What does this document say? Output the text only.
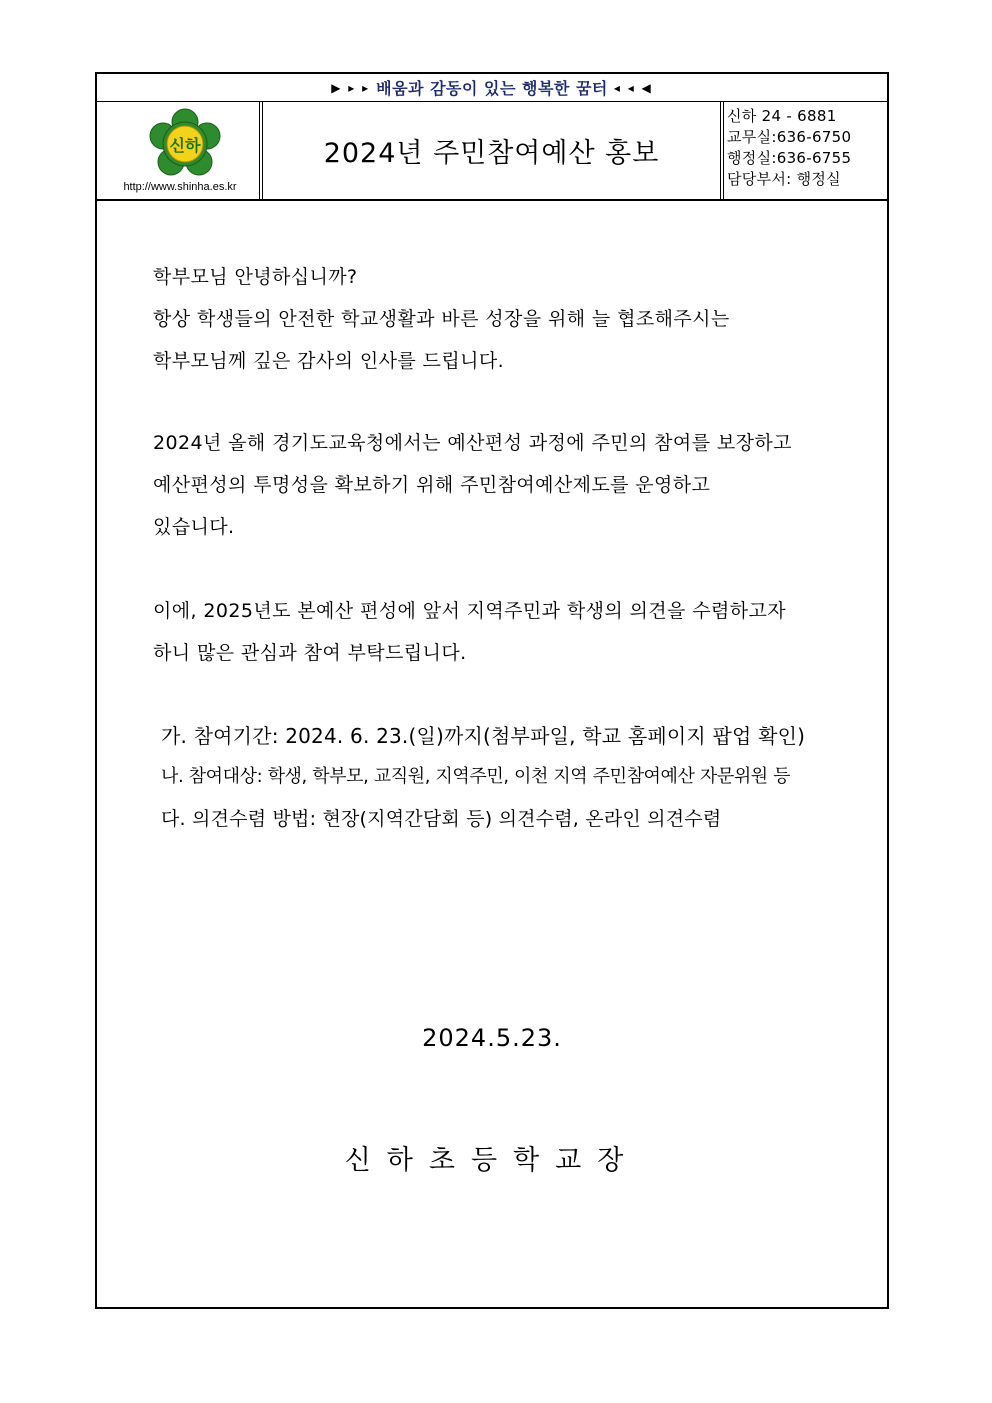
▶ ▸ ▸ 배움과 감동이 있는 행복한 꿈터 ◂ ◂ ◀
신하
http://www.shinha.es.kr
2024년 주민참여예산 홍보
신하 24 - 6881
교무실:636-6750
행정실:636-6755
담당부서: 행정실
학부모님 안녕하십니까?
항상 학생들의 안전한 학교생활과 바른 성장을 위해 늘 협조해주시는
학부모님께 깊은 감사의 인사를 드립니다.
2024년 올해 경기도교육청에서는 예산편성 과정에 주민의 참여를 보장하고
예산편성의 투명성을 확보하기 위해 주민참여예산제도를 운영하고
있습니다.
이에, 2025년도 본예산 편성에 앞서 지역주민과 학생의 의견을 수렴하고자
하니 많은 관심과 참여 부탁드립니다.
가. 참여기간: 2024. 6. 23.(일)까지(첨부파일, 학교 홈페이지 팝업 확인)
나. 참여대상: 학생, 학부모, 교직원, 지역주민, 이천 지역 주민참여예산 자문위원 등
다. 의견수렴 방법: 현장(지역간담회 등) 의견수렴, 온라인 의견수렴
2024.5.23.
신하초등학교장
